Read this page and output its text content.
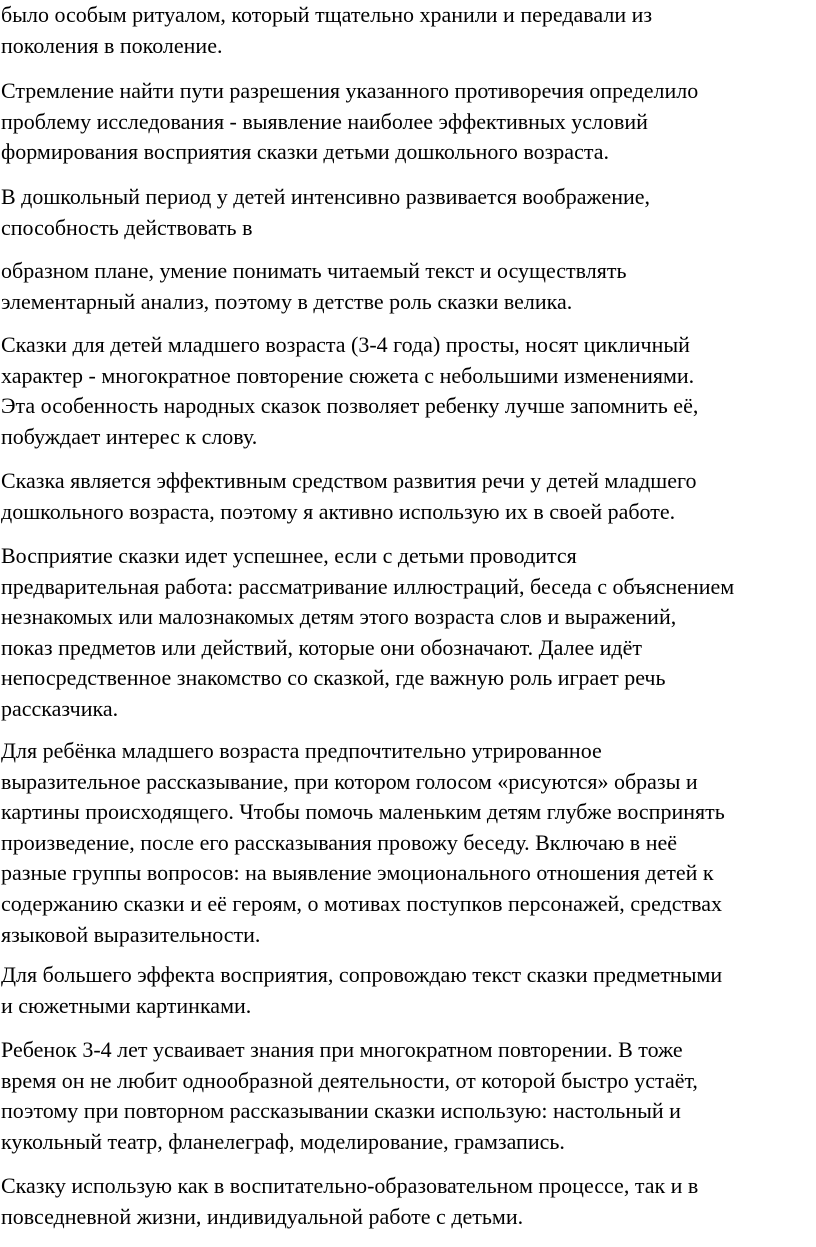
было особым ритуалом, который тщательно хранили и передавали из
поколения в поколение.
Стремление найти пути разрешения указанного противоречия определило
проблему исследования - выявление наиболее эффективных условий
формирования восприятия сказки детьми дошкольного возраста.
В дошкольный период у детей интенсивно развивается воображение,
способность действовать в
образном плане, умение понимать читаемый текст и осуществлять
элементарный анализ, поэтому в детстве роль сказки велика.
Сказки для детей младшего возраста (3-4 года) просты, носят цикличный
характер - многократное повторение сюжета с небольшими изменениями.
Эта особенность народных сказок позволяет ребенку лучше запомнить её,
побуждает интерес к слову.
Сказка является эффективным средством развития речи у детей младшего
дошкольного возраста, поэтому я активно использую их в своей работе.
Восприятие сказки идет успешнее, если с детьми проводится
предварительная работа: рассматривание иллюстраций, беседа с объяснением
незнакомых или малознакомых детям этого возраста слов и выражений,
показ предметов или действий, которые они обозначают. Далее идёт
непосредственное знакомство со сказкой, где важную роль играет речь
рассказчика.
Для ребёнка младшего возраста предпочтительно утрированное
выразительное рассказывание, при котором голосом «рисуются» образы и
картины происходящего. Чтобы помочь маленьким детям глубже воспринять
произведение, после его рассказывания провожу беседу. Включаю в неё
разные группы вопросов: на выявление эмоционального отношения детей к
содержанию сказки и её героям, о мотивах поступков персонажей, средствах
языковой выразительности.
Для большего эффекта восприятия, сопровождаю текст сказки предметными
и сюжетными картинками.
Ребенок 3-4 лет усваивает знания при многократном повторении. В тоже
время он не любит однообразной деятельности, от которой быстро устаёт,
поэтому при повторном рассказывании сказки использую: настольный и
кукольный театр, фланелеграф, моделирование, грамзапись.
Сказку использую как в воспитательно-образовательном процессе, так и в
повседневной жизни, индивидуальной работе с детьми.
